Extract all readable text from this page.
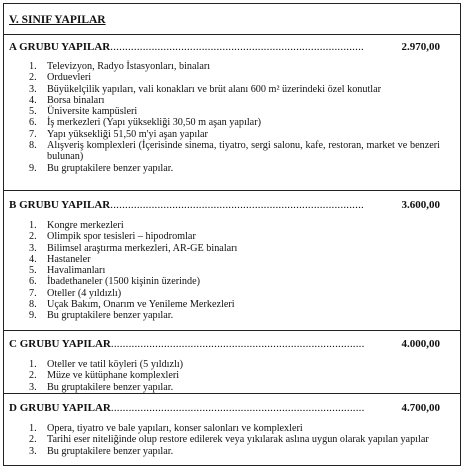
V. SINIF YAPILAR
A GRUBU YAPILAR......................................................................................	2.970,00
1.	Televizyon, Radyo İstasyonları, binaları
2.	Orduevleri
3.	Büyükelçilik yapıları, vali konakları ve brüt alanı 600 m² üzerindeki özel konutlar
4.	Borsa binaları
5.	Üniversite kampüsleri
6.	İş merkezleri (Yapı yüksekliği 30,50 m aşan yapılar)
7.	Yapı yüksekliği 51,50 m'yi aşan yapılar
8.	Alışveriş komplexleri (İçerisinde sinema, tiyatro, sergi salonu, kafe, restoran, market ve benzeri bulunan)
9.	Bu gruptakilere benzer yapılar.
B GRUBU YAPILAR......................................................................................	3.600,00
1.	Kongre merkezleri
2.	Olimpik spor tesisleri – hipodromlar
3.	Bilimsel araştırma merkezleri, AR-GE binaları
4.	Hastaneler
5.	Havalimanları
6.	İbadethaneler (1500 kişinin üzerinde)
7.	Oteller (4 yıldızlı)
8.	Uçak Bakım, Onarım ve Yenileme Merkezleri
9.	Bu gruptakilere benzer yapılar.
C GRUBU YAPILAR......................................................................................	4.000,00
1.	Oteller ve tatil köyleri (5 yıldızlı)
2.	Müze ve kütüphane komplexleri
3.	Bu gruptakilere benzer yapılar.
D GRUBU YAPILAR......................................................................................	4.700,00
1.	Opera, tiyatro ve bale yapıları, konser salonları ve komplexleri
2.	Tarihi eser niteliğinde olup restore edilerek veya yıkılarak aslına uygun olarak yapılan yapılar
3.	Bu gruptakilere benzer yapılar.
